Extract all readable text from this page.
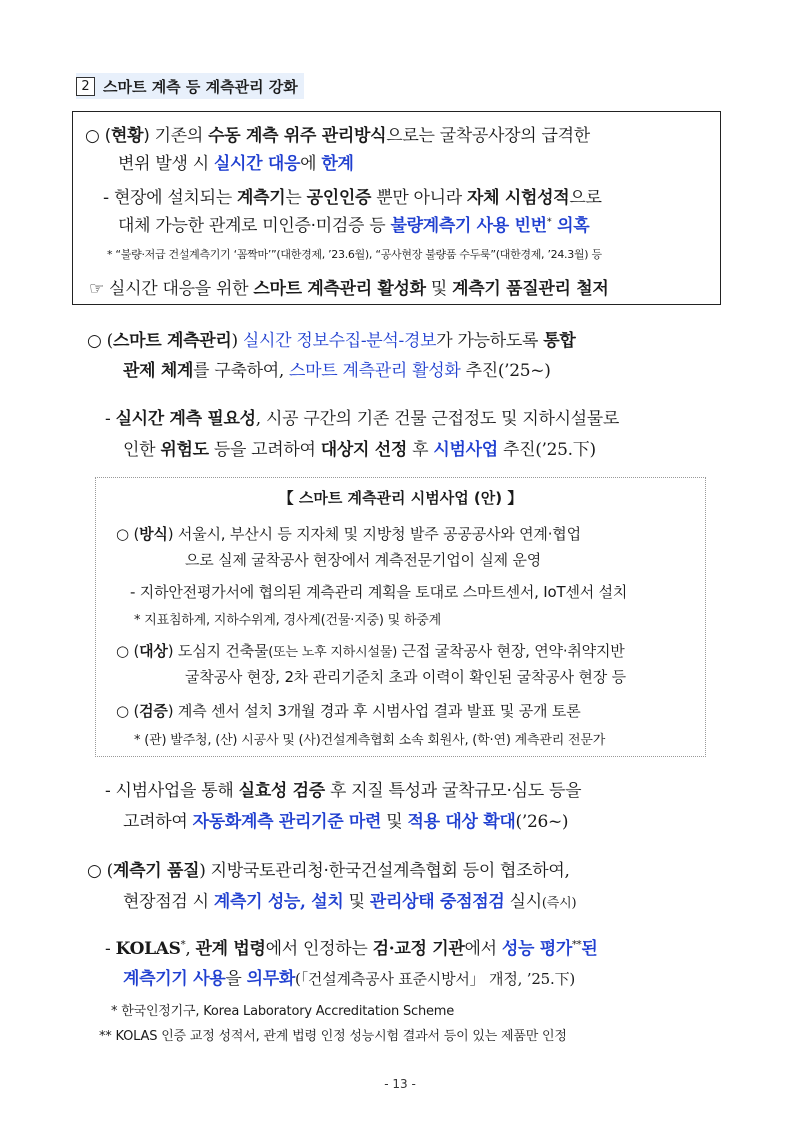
2 스마트 계측 등 계측관리 강화
○ (현황) 기존의 수동 계측 위주 관리방식으로는 굴착공사장의 급격한
변위 발생 시 실시간 대응에 한계
- 현장에 설치되는 계측기는 공인인증 뿐만 아니라 자체 시험성적으로
대체 가능한 관계로 미인증·미검증 등 불량계측기 사용 빈번* 의혹
* “불량·저급 건설계측기기 ‘꼼짝마’”(대한경제, ’23.6월), “공사현장 불량품 수두룩”(대한경제, ’24.3월) 등
☞ 실시간 대응을 위한 스마트 계측관리 활성화 및 계측기 품질관리 철저
○ (스마트 계측관리) 실시간 정보수집-분석-경보가 가능하도록 통합
관제 체계를 구축하여, 스마트 계측관리 활성화 추진(’25~)
- 실시간 계측 필요성, 시공 구간의 기존 건물 근접정도 및 지하시설물로
인한 위험도 등을 고려하여 대상지 선정 후 시범사업 추진(’25.下)
【 스마트 계측관리 시범사업 (안) 】
○ (방식) 서울시, 부산시 등 지자체 및 지방청 발주 공공공사와 연계·협업
으로 실제 굴착공사 현장에서 계측전문기업이 실제 운영
- 지하안전평가서에 협의된 계측관리 계획을 토대로 스마트센서, IoT센서 설치
* 지표침하계, 지하수위계, 경사계(건물·지중) 및 하중계
○ (대상) 도심지 건축물(또는 노후 지하시설물) 근접 굴착공사 현장, 연약·취약지반
굴착공사 현장, 2차 관리기준치 초과 이력이 확인된 굴착공사 현장 등
○ (검증) 계측 센서 설치 3개월 경과 후 시범사업 결과 발표 및 공개 토론
* (관) 발주청, (산) 시공사 및 (사)건설계측협회 소속 회원사, (학·연) 계측관리 전문가
- 시범사업을 통해 실효성 검증 후 지질 특성과 굴착규모·심도 등을
고려하여 자동화계측 관리기준 마련 및 적용 대상 확대(’26~)
○ (계측기 품질) 지방국토관리청·한국건설계측협회 등이 협조하여,
현장점검 시 계측기 성능, 설치 및 관리상태 중점점검 실시(즉시)
- KOLAS*, 관계 법령에서 인정하는 검·교정 기관에서 성능 평가**된
계측기기 사용을 의무화(「건설계측공사 표준시방서」 개정, ’25.下)
* 한국인정기구, Korea Laboratory Accreditation Scheme
** KOLAS 인증 교정 성적서, 관계 법령 인정 성능시험 결과서 등이 있는 제품만 인정
- 13 -
